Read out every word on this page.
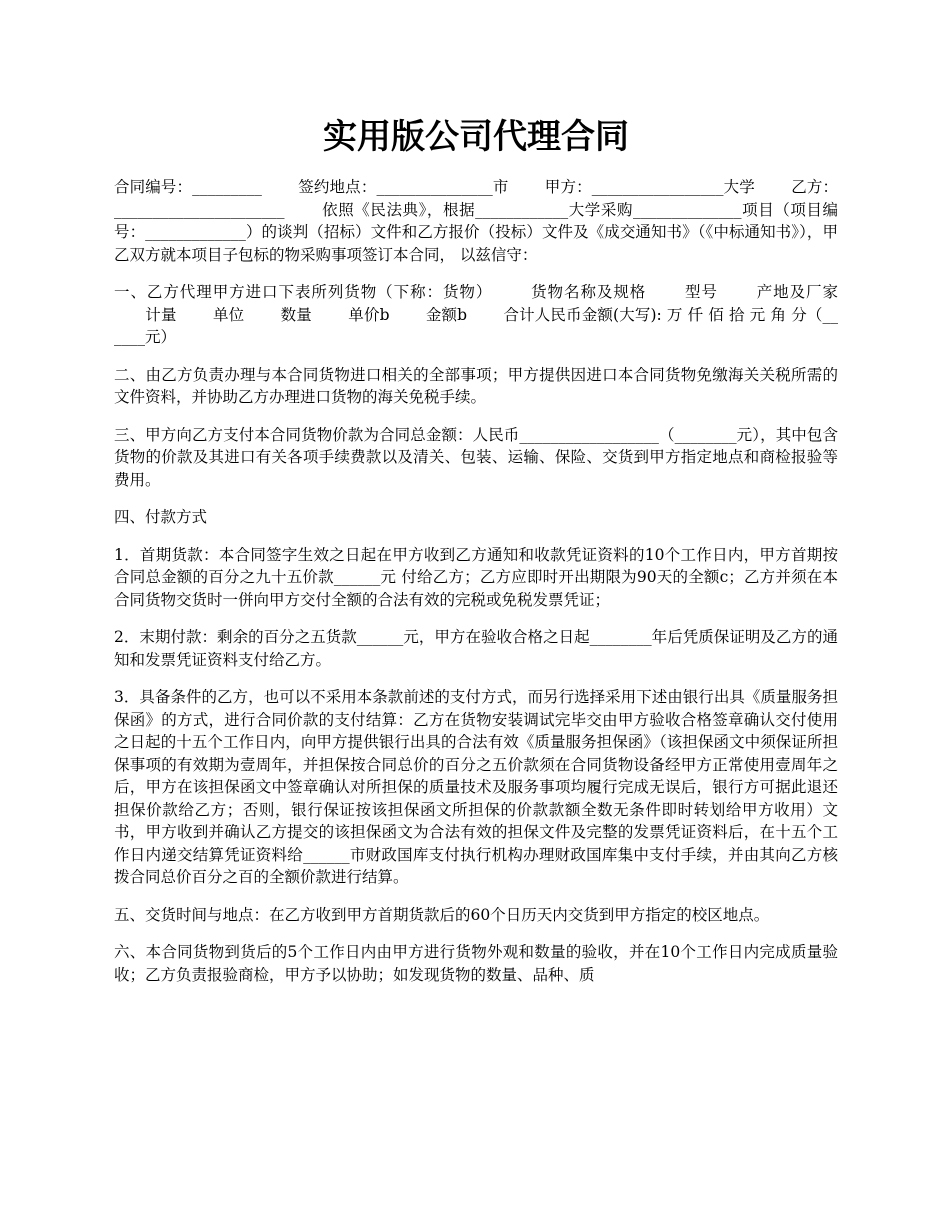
实用版公司代理合同

合同编号：_________ 　　签约地点：_______________市 　　甲方：_________________大学 　　乙方：______________________ 　　依照《民法典》，根据____________大学采购______________项目（项目编号：_____________）的谈判（招标）文件和乙方报价（投标）文件及《成交通知书》（《中标通知书》），甲乙双方就本项目子包标的物采购事项签订本合同， 以兹信守：

一、乙方代理甲方进口下表所列货物（下称：货物） 　　货物名称及规格 　　型号 　　产地及厂家 　　计量 　　单位 　　数量 　　单价b 　　金额b 　　合计人民币金额(大写): 万 仟 佰 拾 元 角 分（______元）

二、由乙方负责办理与本合同货物进口相关的全部事项；甲方提供因进口本合同货物免缴海关关税所需的文件资料，并协助乙方办理进口货物的海关免税手续。

三、甲方向乙方支付本合同货物价款为合同总金额：人民币__________________（________元），其中包含货物的价款及其进口有关各项手续费款以及清关、包装、运输、保险、交货到甲方指定地点和商检报验等费用。

四、付款方式

1．首期货款：本合同签字生效之日起在甲方收到乙方通知和收款凭证资料的10个工作日内，甲方首期按合同总金额的百分之九十五价款______元 付给乙方；乙方应即时开出期限为90天的全额c；乙方并须在本合同货物交货时一併向甲方交付全额的合法有效的完税或免税发票凭证；

2．末期付款：剩余的百分之五货款______元，甲方在验收合格之日起________年后凭质保证明及乙方的通知和发票凭证资料支付给乙方。

3．具备条件的乙方，也可以不采用本条款前述的支付方式，而另行选择采用下述由银行出具《质量服务担保函》的方式，进行合同价款的支付结算：乙方在货物安装调试完毕交由甲方验收合格签章确认交付使用之日起的十五个工作日内，向甲方提供银行出具的合法有效《质量服务担保函》（该担保函文中须保证所担保事项的有效期为壹周年，并担保按合同总价的百分之五价款须在合同货物设备经甲方正常使用壹周年之后，甲方在该担保函文中签章确认对所担保的质量技术及服务事项均履行完成无误后，银行方可据此退还担保价款给乙方；否则，银行保证按该担保函文所担保的价款款额全数无条件即时转划给甲方收用）文书，甲方收到并确认乙方提交的该担保函文为合法有效的担保文件及完整的发票凭证资料后，在十五个工作日内递交结算凭证资料给______市财政国库支付执行机构办理财政国库集中支付手续，并由其向乙方核拨合同总价百分之百的全额价款进行结算。

五、交货时间与地点：在乙方收到甲方首期货款后的60个日历天内交货到甲方指定的校区地点。

六、本合同货物到货后的5个工作日内由甲方进行货物外观和数量的验收，并在10个工作日内完成质量验收；乙方负责报验商检，甲方予以协助；如发现货物的数量、品种、质
